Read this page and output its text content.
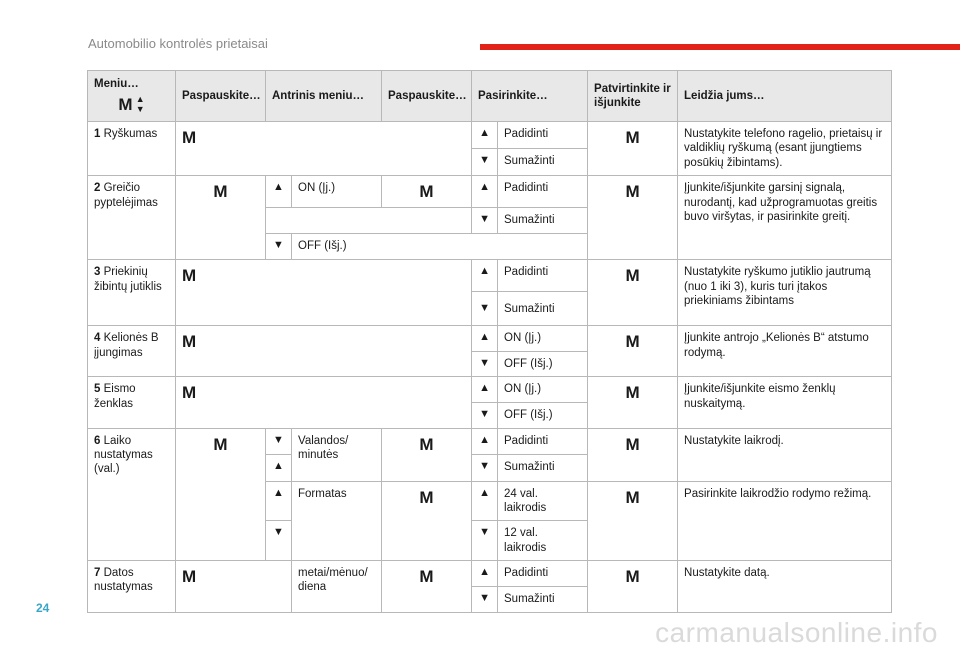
Automobilio kontrolės prietaisai
Meniu…
M ▲
▼	Paspauskite…	Antrinis meniu…		Paspauskite…	Pasirinkite…		Patvirtinkite ir išjunkite	Leidžia jums…
1 Ryškumas	M				▲	Padidinti	M	Nustatykite telefono ragelio, prietaisų ir valdiklių ryškumą (esant įjungtiems posūkių žibintams).
					▼	Sumažinti		
2 Greičio pyptelėjimas	M	▲	ON (Įj.)	M	▲	Padidinti	M	Įjunkite/išjunkite garsinį signalą, nurodantį, kad užprogramuotas greitis buvo viršytas, ir pasirinkite greitį.
					▼	Sumažinti		
		▼	OFF (Išj.)					
3 Priekinių žibintų jutiklis	M				▲	Padidinti	M	Nustatykite ryškumo jutiklio jautrumą (nuo 1 iki 3), kuris turi įtakos priekiniams žibintams
					▼	Sumažinti		
4 Kelionės B įjungimas	M				▲	ON (Įj.)	M	Įjunkite antrojo „Kelionės B“ atstumo rodymą.
					▼	OFF (Išj.)		
5 Eismo ženklas	M				▲	ON (Įj.)	M	Įjunkite/išjunkite eismo ženklų nuskaitymą.
					▼	OFF (Išj.)		
6 Laiko nustatymas (val.)	M	▼	Valandos/ minutės	M	▲	Padidinti	M	Nustatykite laikrodį.
		▲			▼	Sumažinti		
		▲	Formatas	M	▲	24 val. laikrodis	M	Pasirinkite laikrodžio rodymo režimą.
		▼			▼	12 val. laikrodis		
7 Datos nustatymas	M		metai/mėnuo/ diena	M	▲	Padidinti	M	Nustatykite datą.
					▼	Sumažinti		
24
carmanualsonline.info
